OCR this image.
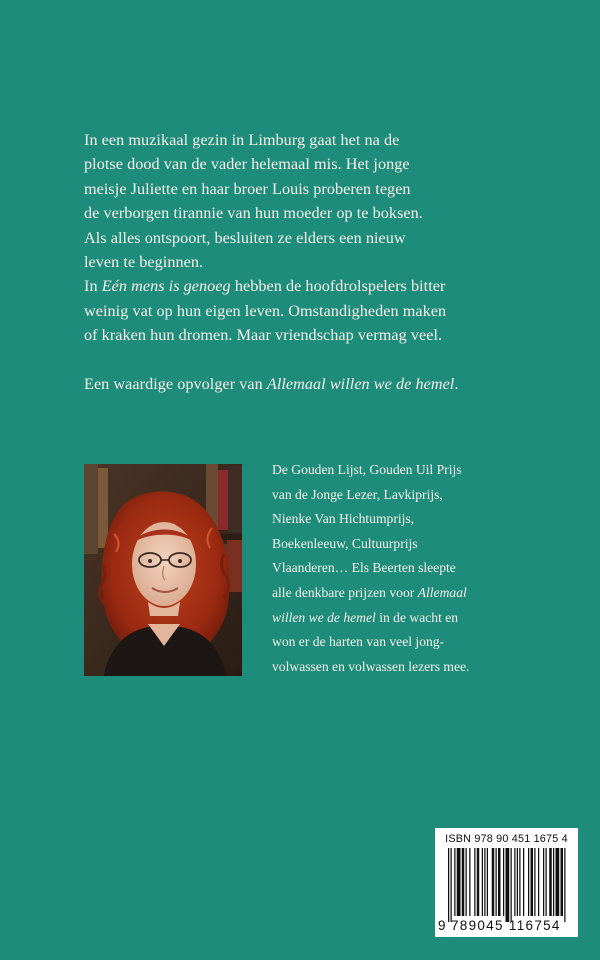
In een muzikaal gezin in Limburg gaat het na de
plotse dood van de vader helemaal mis. Het jonge
meisje Juliette en haar broer Louis proberen tegen
de verborgen tirannie van hun moeder op te boksen.
Als alles ontspoort, besluiten ze elders een nieuw
leven te beginnen.

In Eén mens is genoeg hebben de hoofdrolspelers bitter
weinig vat op hun eigen leven. Omstandigheden maken
of kraken hun dromen. Maar vriendschap vermag veel.

Een waardige opvolger van Allemaal willen we de hemel.

De Gouden Lijst, Gouden Uil Prijs
van de Jonge Lezer, Lavkiprijs,
Nienke Van Hichtumprijs,
Boekenleeuw, Cultuurprijs
Vlaanderen… Els Beerten sleepte
alle denkbare prijzen voor Allemaal
willen we de hemel in de wacht en
won er de harten van veel jong-
volwassen en volwassen lezers mee.

ISBN 978 90 451 1675 4
9 789045 116754
